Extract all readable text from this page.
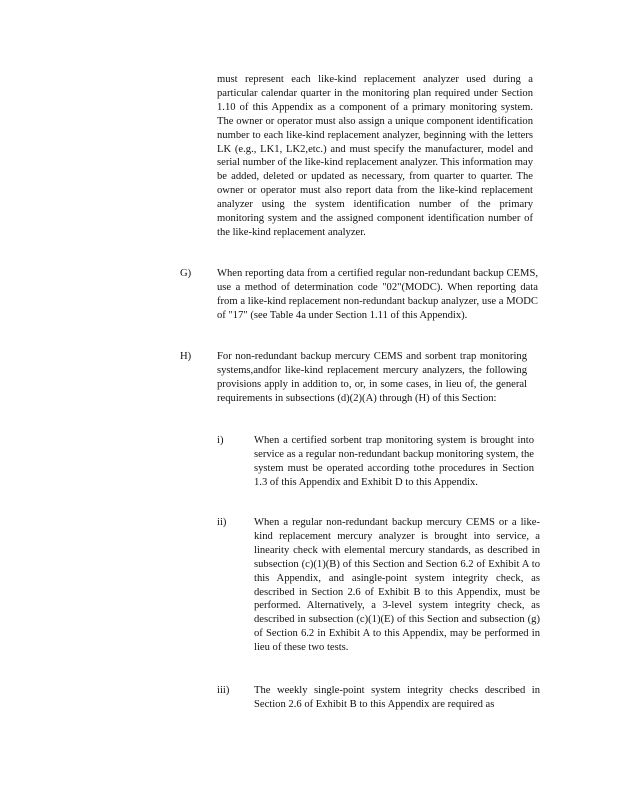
must represent each like-kind replacement analyzer used during a particular calendar quarter in the monitoring plan required under Section 1.10 of this Appendix as a component of a primary monitoring system. The owner or operator must also assign a unique component identification number to each like-kind replacement analyzer, beginning with the letters LK (e.g., LK1, LK2,etc.) and must specify the manufacturer, model and serial number of the like-kind replacement analyzer. This information may be added, deleted or updated as necessary, from quarter to quarter. The owner or operator must also report data from the like-kind replacement analyzer using the system identification number of the primary monitoring system and the assigned component identification number of the like-kind replacement analyzer.
G) When reporting data from a certified regular non-redundant backup CEMS, use a method of determination code "02"(MODC). When reporting data from a like-kind replacement non-redundant backup analyzer, use a MODC of "17" (see Table 4a under Section 1.11 of this Appendix).
H) For non-redundant backup mercury CEMS and sorbent trap monitoring systems,andfor like-kind replacement mercury analyzers, the following provisions apply in addition to, or, in some cases, in lieu of, the general requirements in subsections (d)(2)(A) through (H) of this Section:
i)	When a certified sorbent trap monitoring system is brought into service as a regular non-redundant backup monitoring system, the system must be operated according tothe procedures in Section 1.3 of this Appendix and Exhibit D to this Appendix.
ii)	When a regular non-redundant backup mercury CEMS or a like-kind replacement mercury analyzer is brought into service, a linearity check with elemental mercury standards, as described in subsection (c)(1)(B) of this Section and Section 6.2 of Exhibit A to this Appendix, and asingle-point system integrity check, as described in Section 2.6 of Exhibit B to this Appendix, must be performed. Alternatively, a 3-level system integrity check, as described in subsection (c)(1)(E) of this Section and subsection (g) of Section 6.2 in Exhibit A to this Appendix, may be performed in lieu of these two tests.
iii) The weekly single-point system integrity checks described in Section 2.6 of Exhibit B to this Appendix are required as
